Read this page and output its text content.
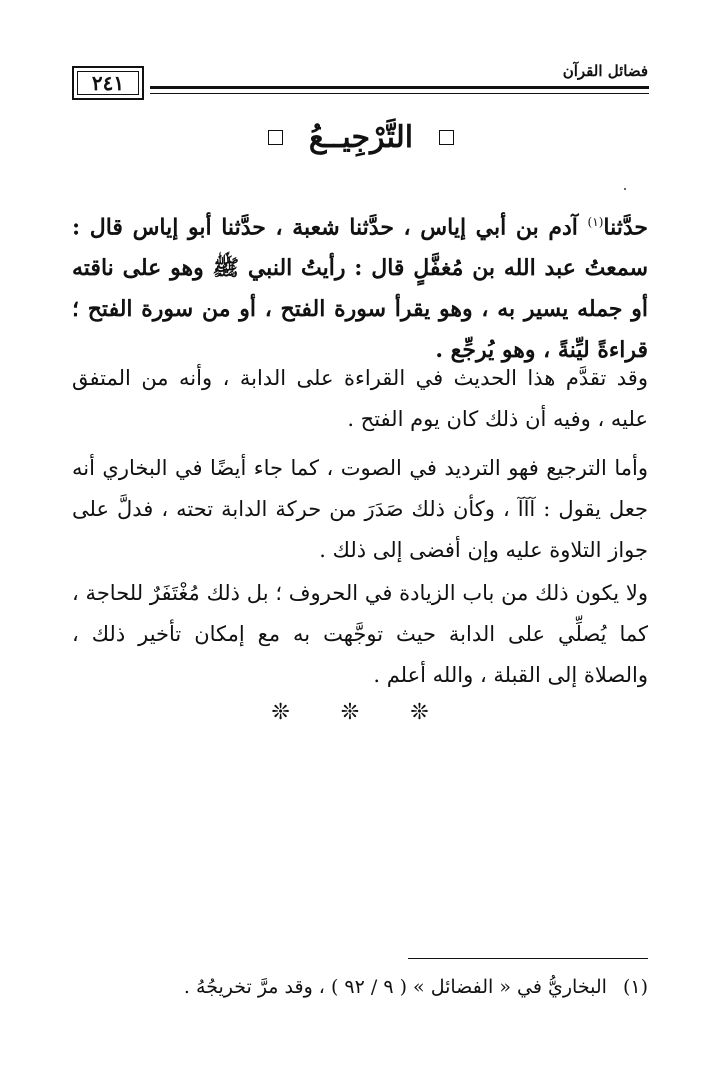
٢٤١	فضائل القرآن
التَّرْجِيــعُ
حدَّثنا$^{(١)}$ آدم بن أبي إياس ، حدَّثنا شعبة ، حدَّثنا أبو إياس قال : سمعتُ عبد الله بن مُغفَّلٍ قال : رأيتُ النبي ﷺ وهو على ناقته أو جمله يسير به ، وهو يقرأ سورة الفتح ، أو من سورة الفتح ؛ قراءةً ليِّنةً ، وهو يُرجِّع .
وقد تقدَّم هذا الحديث في القراءة على الدابة ، وأنه من المتفق عليه ، وفيه أن ذلك كان يوم الفتح .
وأما الترجيع فهو الترديد في الصوت ، كما جاء أيضًا في البخاري أنه جعل يقول : آآآ ، وكأن ذلك صَدَرَ من حركة الدابة تحته ، فدلَّ على جواز التلاوة عليه وإن أفضى إلى ذلك .
ولا يكون ذلك من باب الزيادة في الحروف ؛ بل ذلك مُغْتَفَرٌ للحاجة ، كما يُصلِّي على الدابة حيث توجَّهت به مع إمكان تأخير ذلك ، والصلاة إلى القبلة ، والله أعلم .
❊ ❊ ❊
(١) البخاريُّ في « الفضائل » ( ٩ / ٩٢ ) ، وقد مرَّ تخريجُهُ .
